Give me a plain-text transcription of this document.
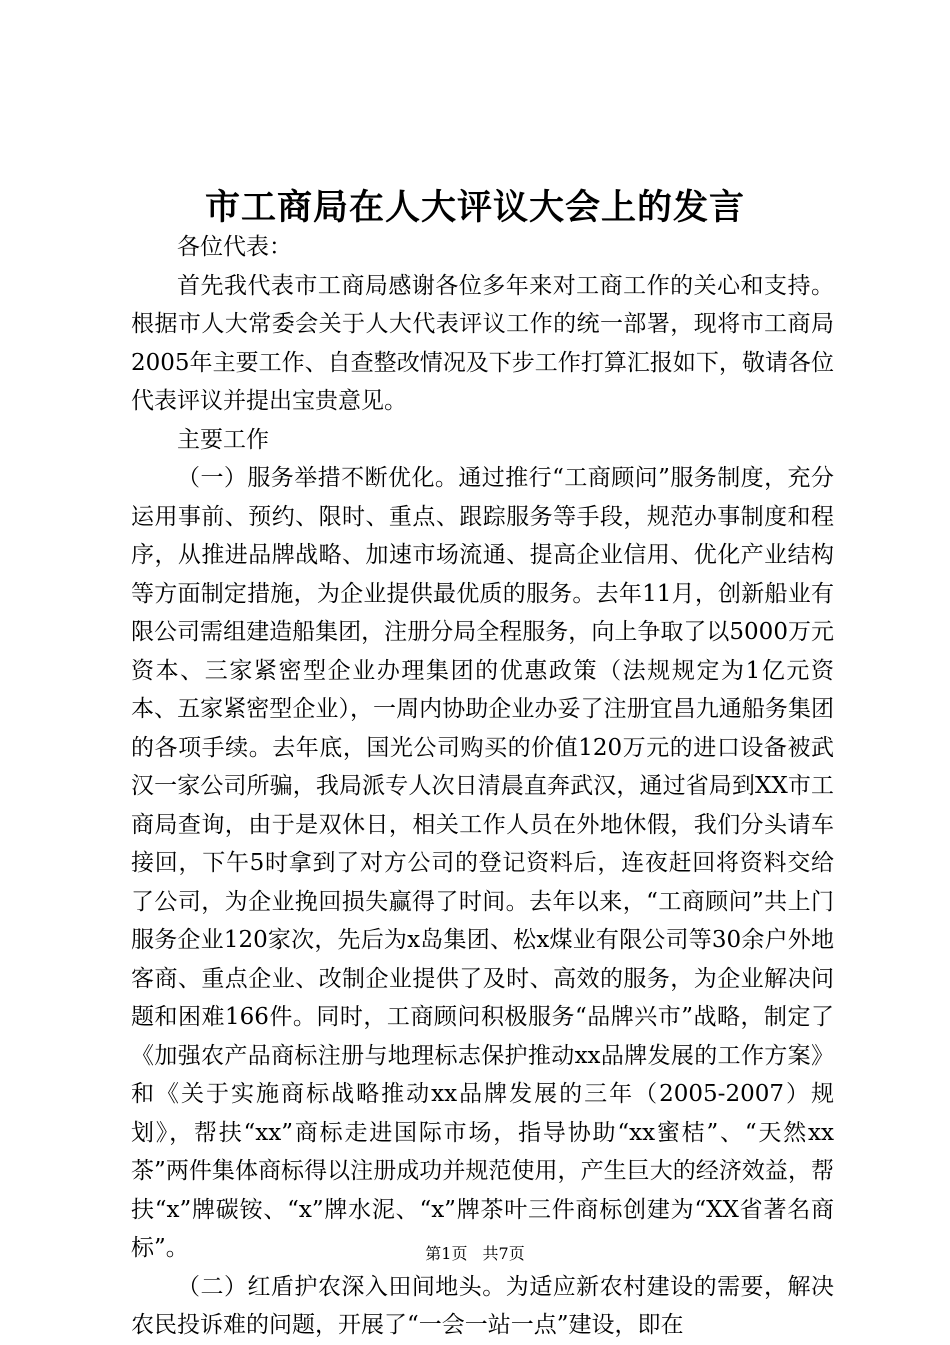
市工商局在人大评议大会上的发言

各位代表：

首先我代表市工商局感谢各位多年来对工商工作的关心和支持。根据市人大常委会关于人大代表评议工作的统一部署，现将市工商局2005年主要工作、自查整改情况及下步工作打算汇报如下，敬请各位代表评议并提出宝贵意见。

主要工作

（一）服务举措不断优化。通过推行“工商顾问”服务制度，充分运用事前、预约、限时、重点、跟踪服务等手段，规范办事制度和程序，从推进品牌战略、加速市场流通、提高企业信用、优化产业结构等方面制定措施，为企业提供最优质的服务。去年11月，创新船业有限公司需组建造船集团，注册分局全程服务，向上争取了以5000万元资本、三家紧密型企业办理集团的优惠政策（法规规定为1亿元资本、五家紧密型企业），一周内协助企业办妥了注册宜昌九通船务集团的各项手续。去年底，国光公司购买的价值120万元的进口设备被武汉一家公司所骗，我局派专人次日清晨直奔武汉，通过省局到XX市工商局查询，由于是双休日，相关工作人员在外地休假，我们分头请车接回，下午5时拿到了对方公司的登记资料后，连夜赶回将资料交给了公司，为企业挽回损失赢得了时间。去年以来，“工商顾问”共上门服务企业120家次，先后为x岛集团、松x煤业有限公司等30余户外地客商、重点企业、改制企业提供了及时、高效的服务，为企业解决问题和困难166件。同时，工商顾问积极服务“品牌兴市”战略，制定了《加强农产品商标注册与地理标志保护推动xx品牌发展的工作方案》和《关于实施商标战略推动xx品牌发展的三年（2005-2007）规划》，帮扶“xx”商标走进国际市场，指导协助“xx蜜桔”、“天然xx茶”两件集体商标得以注册成功并规范使用，产生巨大的经济效益，帮扶“x”牌碳铵、“x”牌水泥、“x”牌茶叶三件商标创建为“XX省著名商标”。

（二）红盾护农深入田间地头。为适应新农村建设的需要，解决农民投诉难的问题，开展了“一会一站一点”建设，即在

第1页 共7页
